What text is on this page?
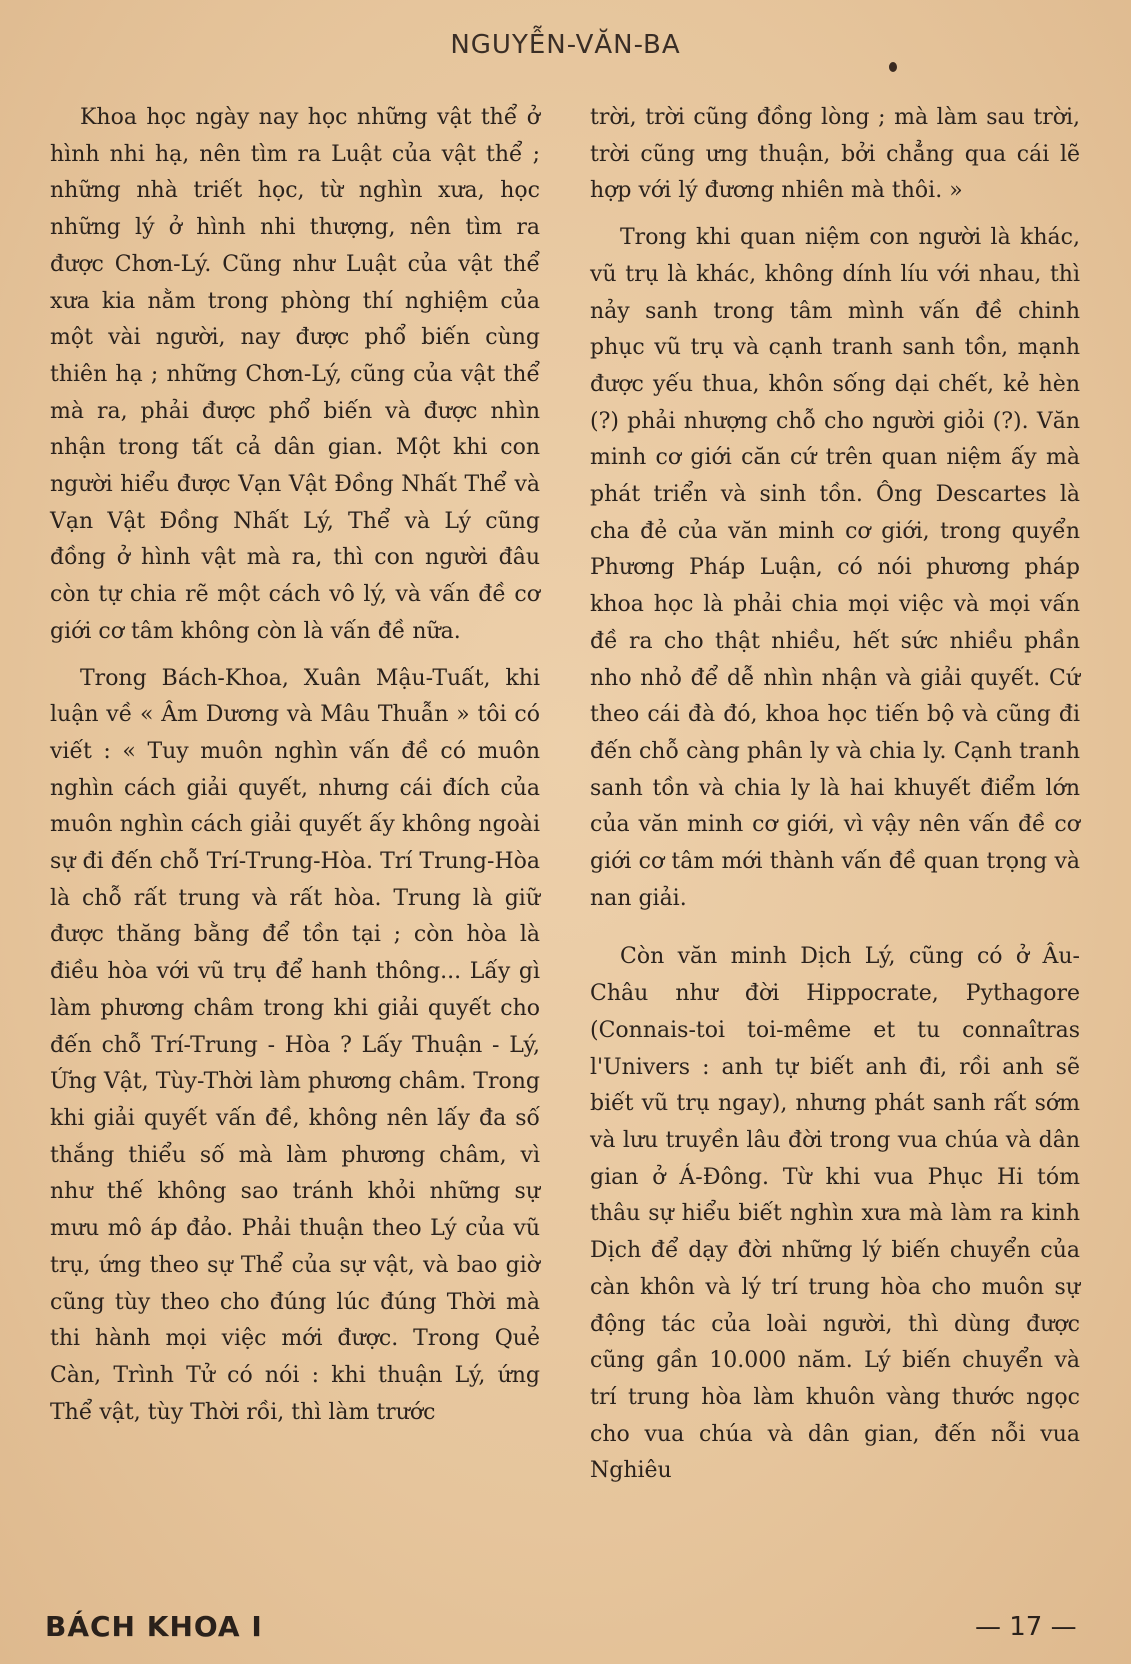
NGUYỄN-VĂN-BA

Khoa học ngày nay học những vật thể ở hình nhi hạ, nên tìm ra Luật của vật thể ; những nhà triết học, từ nghìn xưa, học những lý ở hình nhi thượng, nên tìm ra được Chơn-Lý. Cũng như Luật của vật thể xưa kia nằm trong phòng thí nghiệm của một vài người, nay được phổ biến cùng thiên hạ ; những Chơn-Lý, cũng của vật thể mà ra, phải được phổ biến và được nhìn nhận trong tất cả dân gian. Một khi con người hiểu được Vạn Vật Đồng Nhất Thể và Vạn Vật Đồng Nhất Lý, Thể và Lý cũng đồng ở hình vật mà ra, thì con người đâu còn tự chia rẽ một cách vô lý, và vấn đề cơ giới cơ tâm không còn là vấn đề nữa.

Trong Bách-Khoa, Xuân Mậu-Tuất, khi luận về « Âm Dương và Mâu Thuẫn » tôi có viết : « Tuy muôn nghìn vấn đề có muôn nghìn cách giải quyết, nhưng cái đích của muôn nghìn cách giải quyết ấy không ngoài sự đi đến chỗ Trí-Trung-Hòa. Trí Trung-Hòa là chỗ rất trung và rất hòa. Trung là giữ được thăng bằng để tồn tại ; còn hòa là điều hòa với vũ trụ để hanh thông... Lấy gì làm phương châm trong khi giải quyết cho đến chỗ Trí-Trung - Hòa ? Lấy Thuận - Lý, Ứng Vật, Tùy-Thời làm phương châm. Trong khi giải quyết vấn đề, không nên lấy đa số thắng thiểu số mà làm phương châm, vì như thế không sao tránh khỏi những sự mưu mô áp đảo. Phải thuận theo Lý của vũ trụ, ứng theo sự Thể của sự vật, và bao giờ cũng tùy theo cho đúng lúc đúng Thời mà thi hành mọi việc mới được. Trong Quẻ Càn, Trình Tử có nói : khi thuận Lý, ứng Thể vật, tùy Thời rồi, thì làm trước

trời, trời cũng đồng lòng ; mà làm sau trời, trời cũng ưng thuận, bởi chẳng qua cái lẽ hợp với lý đương nhiên mà thôi. »

Trong khi quan niệm con người là khác, vũ trụ là khác, không dính líu với nhau, thì nảy sanh trong tâm mình vấn đề chinh phục vũ trụ và cạnh tranh sanh tồn, mạnh được yếu thua, khôn sống dại chết, kẻ hèn (?) phải nhượng chỗ cho người giỏi (?). Văn minh cơ giới căn cứ trên quan niệm ấy mà phát triển và sinh tồn. Ông Descartes là cha đẻ của văn minh cơ giới, trong quyển Phương Pháp Luận, có nói phương pháp khoa học là phải chia mọi việc và mọi vấn đề ra cho thật nhiều, hết sức nhiều phần nho nhỏ để dễ nhìn nhận và giải quyết. Cứ theo cái đà đó, khoa học tiến bộ và cũng đi đến chỗ càng phân ly và chia ly. Cạnh tranh sanh tồn và chia ly là hai khuyết điểm lớn của văn minh cơ giới, vì vậy nên vấn đề cơ giới cơ tâm mới thành vấn đề quan trọng và nan giải.

Còn văn minh Dịch Lý, cũng có ở Âu-Châu như đời Hippocrate, Pythagore (Connais-toi toi-même et tu connaîtras l'Univers : anh tự biết anh đi, rồi anh sẽ biết vũ trụ ngay), nhưng phát sanh rất sớm và lưu truyền lâu đời trong vua chúa và dân gian ở Á-Đông. Từ khi vua Phục Hi tóm thâu sự hiểu biết nghìn xưa mà làm ra kinh Dịch để dạy đời những lý biến chuyển của càn khôn và lý trí trung hòa cho muôn sự động tác của loài người, thì dùng được cũng gần 10.000 năm. Lý biến chuyển và trí trung hòa làm khuôn vàng thước ngọc cho vua chúa và dân gian, đến nỗi vua Nghiêu

BÁCH KHOA I	— 17 —
